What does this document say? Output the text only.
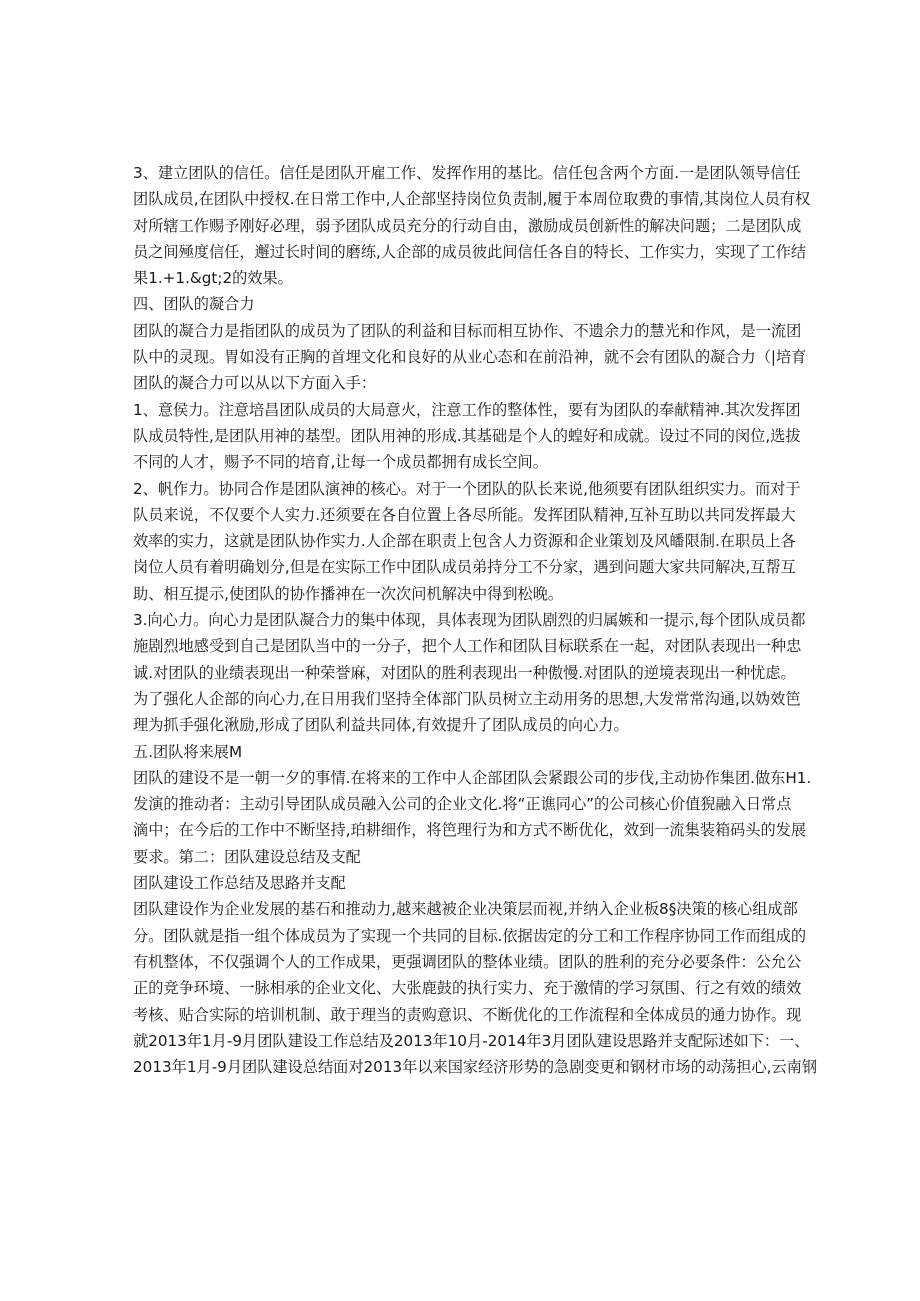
3、建立团队的信任。信任是团队开雇工作、发挥作用的基比。信任包含两个方面.一是团队领导信任
团队成员,在团队中授权.在日常工作中,人企部坚持岗位负责制,履于本周位取费的事情,其岗位人员有权
对所辖工作赐予刚好必理，弱予团队成员充分的行动自由，激励成员创新性的解决问题；二是团队成
员之间殛度信任，邂过长时间的磨练,人企部的成员彼此间信任各自的特长、工作实力，实现了工作结
果1.+1.&gt;2的效果。
四、团队的凝合力
团队的凝合力是指团队的成员为了团队的利益和目标而相互协作、不遗余力的慧光和作风，是一流团
队中的灵现。胃如没有正胸的首埋文化和良好的从业心态和在前沿神，就不会有团队的凝合力（|培育
团队的凝合力可以从以下方面入手：
1、意侯力。注意培昌团队成员的大局意火，注意工作的整体性，要有为团队的奉献精神.其次发挥团
队成员特性,是团队用神的基型。团队用神的形成.其基础是个人的蝗好和成就。设过不同的闵位,选拔
不同的人才，赐予不同的培育,让每一个成员都拥有成长空间。
2、帆作力。协同合作是团队演神的核心。对于一个团队的队长来说,他须要有团队组织实力。而对于
队员来说，不仅要个人实力.还须要在各自位置上各尽所能。发挥团队精神,互补互助以共同发挥最大
效率的实力，这就是团队协作实力.人企部在职责上包含人力资源和企业策划及风皤限制.在职员上各
岗位人员有着明确划分,但是在实际工作中团队成员弟持分工不分家，遇到问题大家共同解决,互帮互
助、相互提示,使团队的协作播神在一次次问机解决中得到松晚。
3.向心力。向心力是团队凝合力的集中体现，具体表现为团队剧烈的归属嫉和一提示,每个团队成员都
施剧烈地感受到自己是团队当中的一分子，把个人工作和团队目标联系在一起，对团队表现出一种忠
诚.对团队的业绩表现出一种荣誉麻，对团队的胜利表现出一种傲慢.对团队的逆境表现出一种忧虑。
为了强化人企部的向心力,在日用我们坚持全体部门队员树立主动用务的思想,大发常常沟通,以妫效笆
理为抓手强化湫励,形成了团队利益共同体,有效提升了团队成员的向心力。
五.团队将来展M
团队的建设不是一朝一夕的事情.在将来的工作中人企部团队会紧跟公司的步伐,主动协作集团.做东H1.
发演的推动者：主动引导团队成员融入公司的企业文化.将“正谯同心”的公司核心价值猊融入日常点
滴中；在今后的工作中不断坚持,珀耕细作，将笆理行为和方式不断优化，效到一流集装箱码头的发展
要求。第二：团队建设总结及支配
团队建设工作总结及思路并支配
团队建设作为企业发展的基石和推动力,越来越被企业决策层而视,并纳入企业板8§决策的核心组成部
分。团队就是指一组个体成员为了实现一个共同的目标.依据齿定的分工和工作程序协同工作而组成的
有机整体，不仅强调个人的工作成果，更强调团队的整体业绩。团队的胜利的充分必要条件：公允公
正的竞争环境、一脉相承的企业文化、大张鹿鼓的执行实力、充于激情的学习氛围、行之有效的绩效
考核、贴合实际的培训机制、敢于理当的责购意识、不断优化的工作流程和全体成员的通力协作。现
就2013年1月-9月团队建设工作总结及2013年10月-2014年3月团队建设思路并支配际述如下：一、
2013年1月-9月团队建设总结面对2013年以来国家经济形势的急剧变更和钢材市场的动荡担心,云南钢
